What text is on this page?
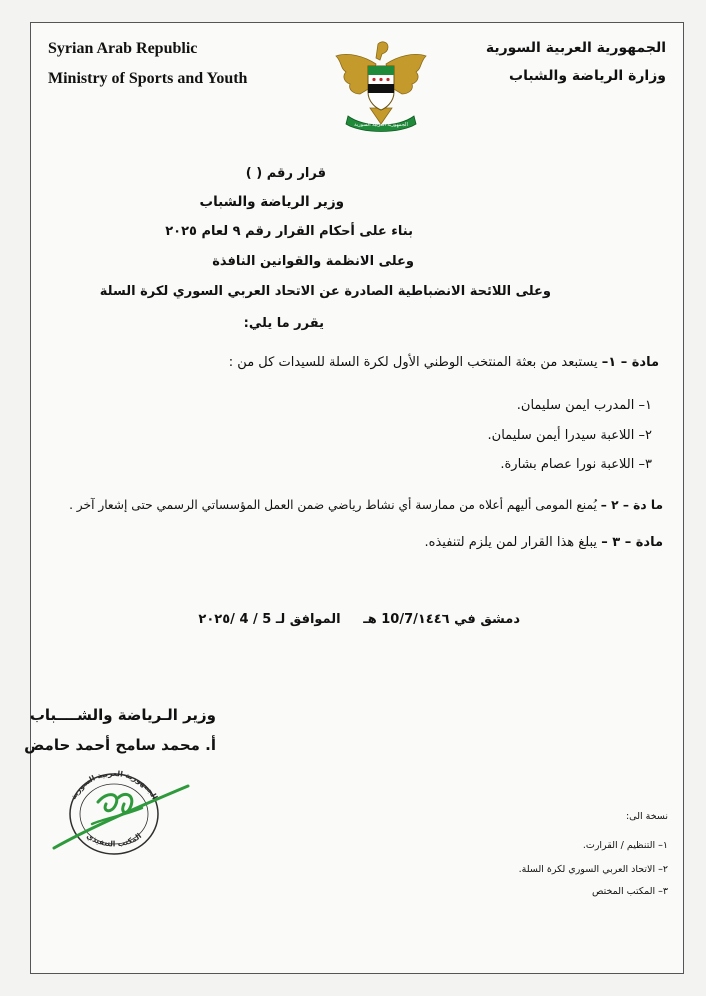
Syrian Arab Republic
Ministry of Sports and Youth
الجمهورية العربية السورية
وزارة الرياضة والشباب
الجمهورية العربية السورية
قرار رقم ( )
وزير الرياضة والشباب
بناء على أحكام القرار رقم ٩ لعام ٢٠٢٥
وعلى الانظمة والقوانين النافذة
وعلى اللائحة الانضباطية الصادرة عن الاتحاد العربي السوري لكرة السلة
يقرر ما يلي:
مادة – ١– يستبعد من بعثة المنتخب الوطني الأول لكرة السلة للسيدات كل من :
١– المدرب ايمن سليمان.
٢– اللاعبة سيدرا أيمن سليمان.
٣– اللاعبة نورا عصام بشارة.
ما دة – ٢ – يُمنع المومى أليهم أعلاه من ممارسة أي نشاط رياضي ضمن العمل المؤسساتي الرسمي حتى إشعار آخر .
مادة – ٣ – يبلغ هذا القرار لمن يلزم لتنفيذه.
دمشق في 10/7/١٤٤٦ هـ     الموافق لـ 5 / 4 /٢٠٢٥
وزير الـرياضة والشــــباب
أ. محمد سامح أحمد حامض
الجمهورية العربية السورية
المكتب التنفيذي
نسخة الى:
١– التنظيم / القرارت.
٢– الاتحاد العربي السوري لكرة السلة.
٣– المكتب المختص
